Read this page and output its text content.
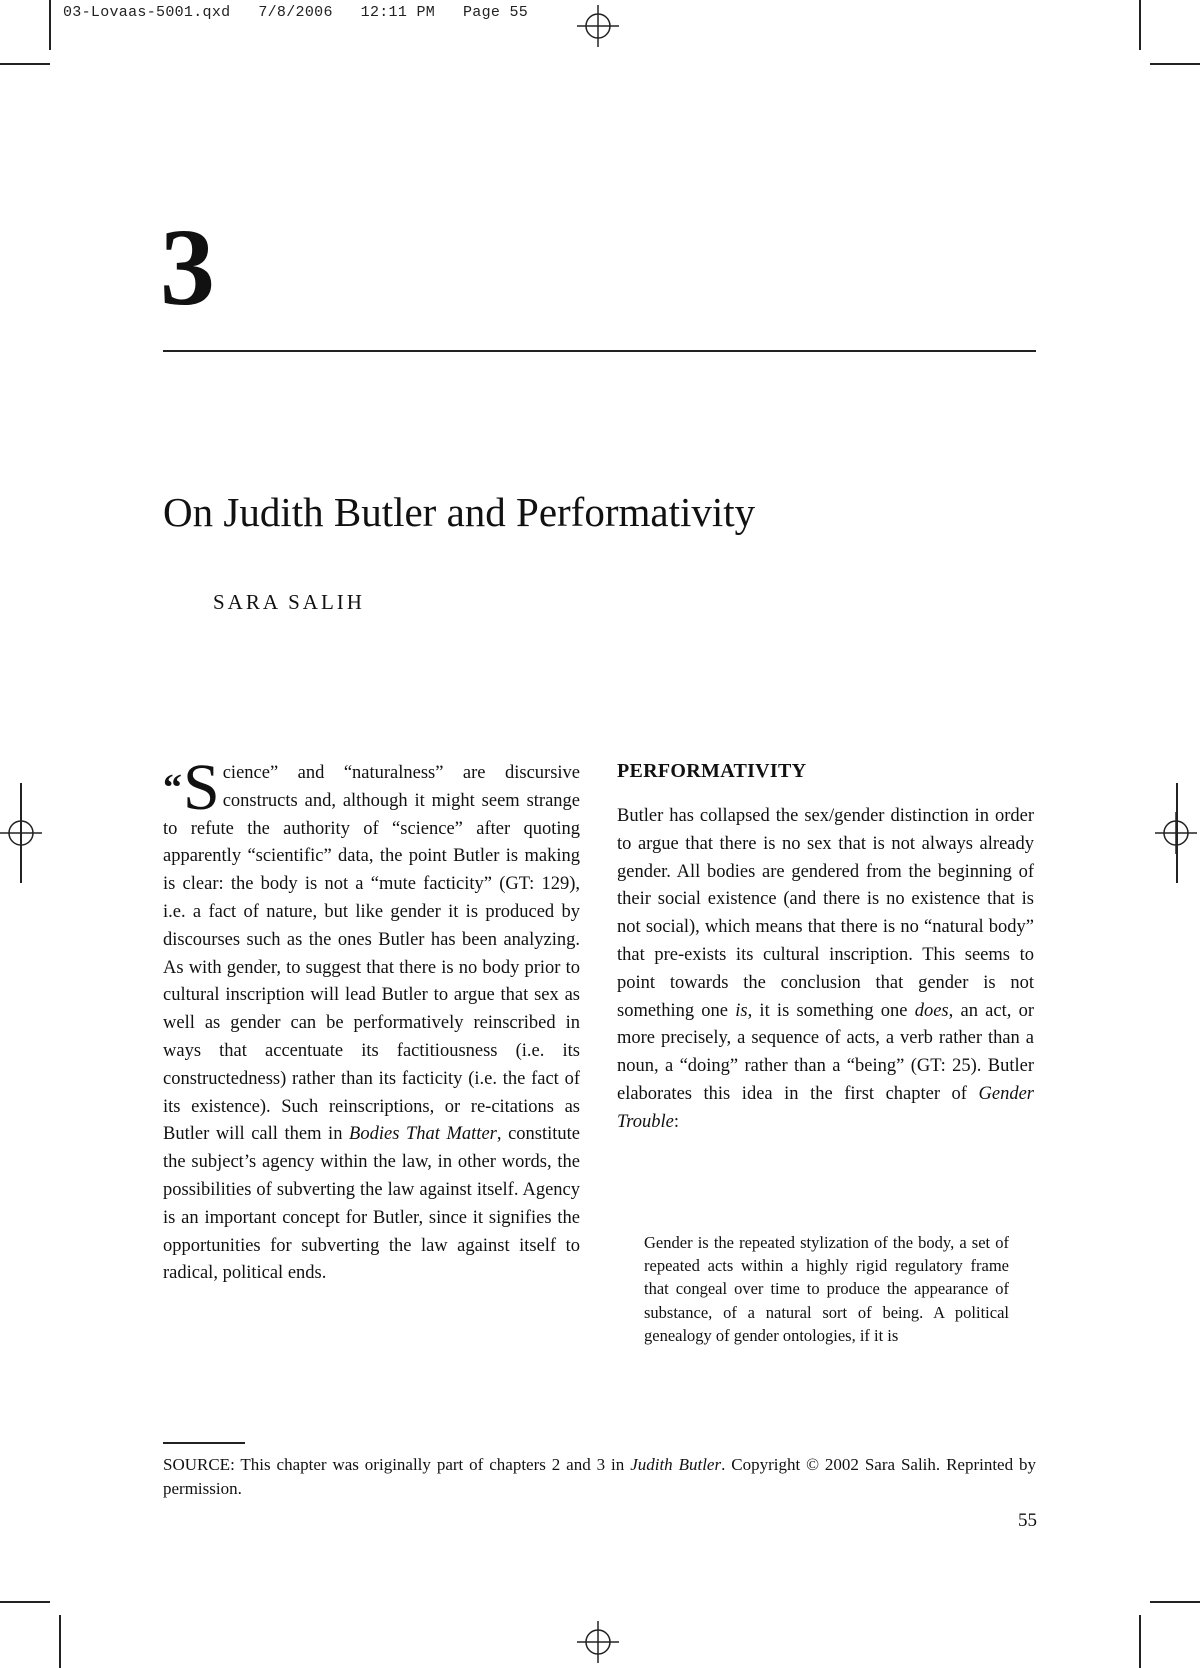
03-Lovaas-5001.qxd   7/8/2006   12:11 PM   Page 55
3
On Judith Butler and Performativity
SARA SALIH

“S cience” and “naturalness” are discursive constructs and, although it might seem strange to refute the authority of “science” after quoting apparently “scientific” data, the point Butler is making is clear: the body is not a “mute facticity” (GT: 129), i.e. a fact of nature, but like gender it is produced by discourses such as the ones Butler has been analyzing. As with gender, to suggest that there is no body prior to cultural inscription will lead Butler to argue that sex as well as gender can be performatively reinscribed in ways that accentuate its factitiousness (i.e. its constructedness) rather than its facticity (i.e. the fact of its existence). Such reinscriptions, or re-citations as Butler will call them in Bodies That Matter, constitute the subject’s agency within the law, in other words, the possibilities of subverting the law against itself. Agency is an important concept for Butler, since it signifies the opportunities for subverting the law against itself to radical, political ends.

PERFORMATIVITY

Butler has collapsed the sex/gender distinction in order to argue that there is no sex that is not always already gender. All bodies are gendered from the beginning of their social existence (and there is no existence that is not social), which means that there is no “natural body” that pre-exists its cultural inscription. This seems to point towards the conclusion that gender is not something one is, it is something one does, an act, or more precisely, a sequence of acts, a verb rather than a noun, a “doing” rather than a “being” (GT: 25). Butler elaborates this idea in the first chapter of Gender Trouble:

Gender is the repeated stylization of the body, a set of repeated acts within a highly rigid regulatory frame that congeal over time to produce the appearance of substance, of a natural sort of being. A political genealogy of gender ontologies, if it is

SOURCE: This chapter was originally part of chapters 2 and 3 in Judith Butler. Copyright © 2002 Sara Salih. Reprinted by permission.

55
